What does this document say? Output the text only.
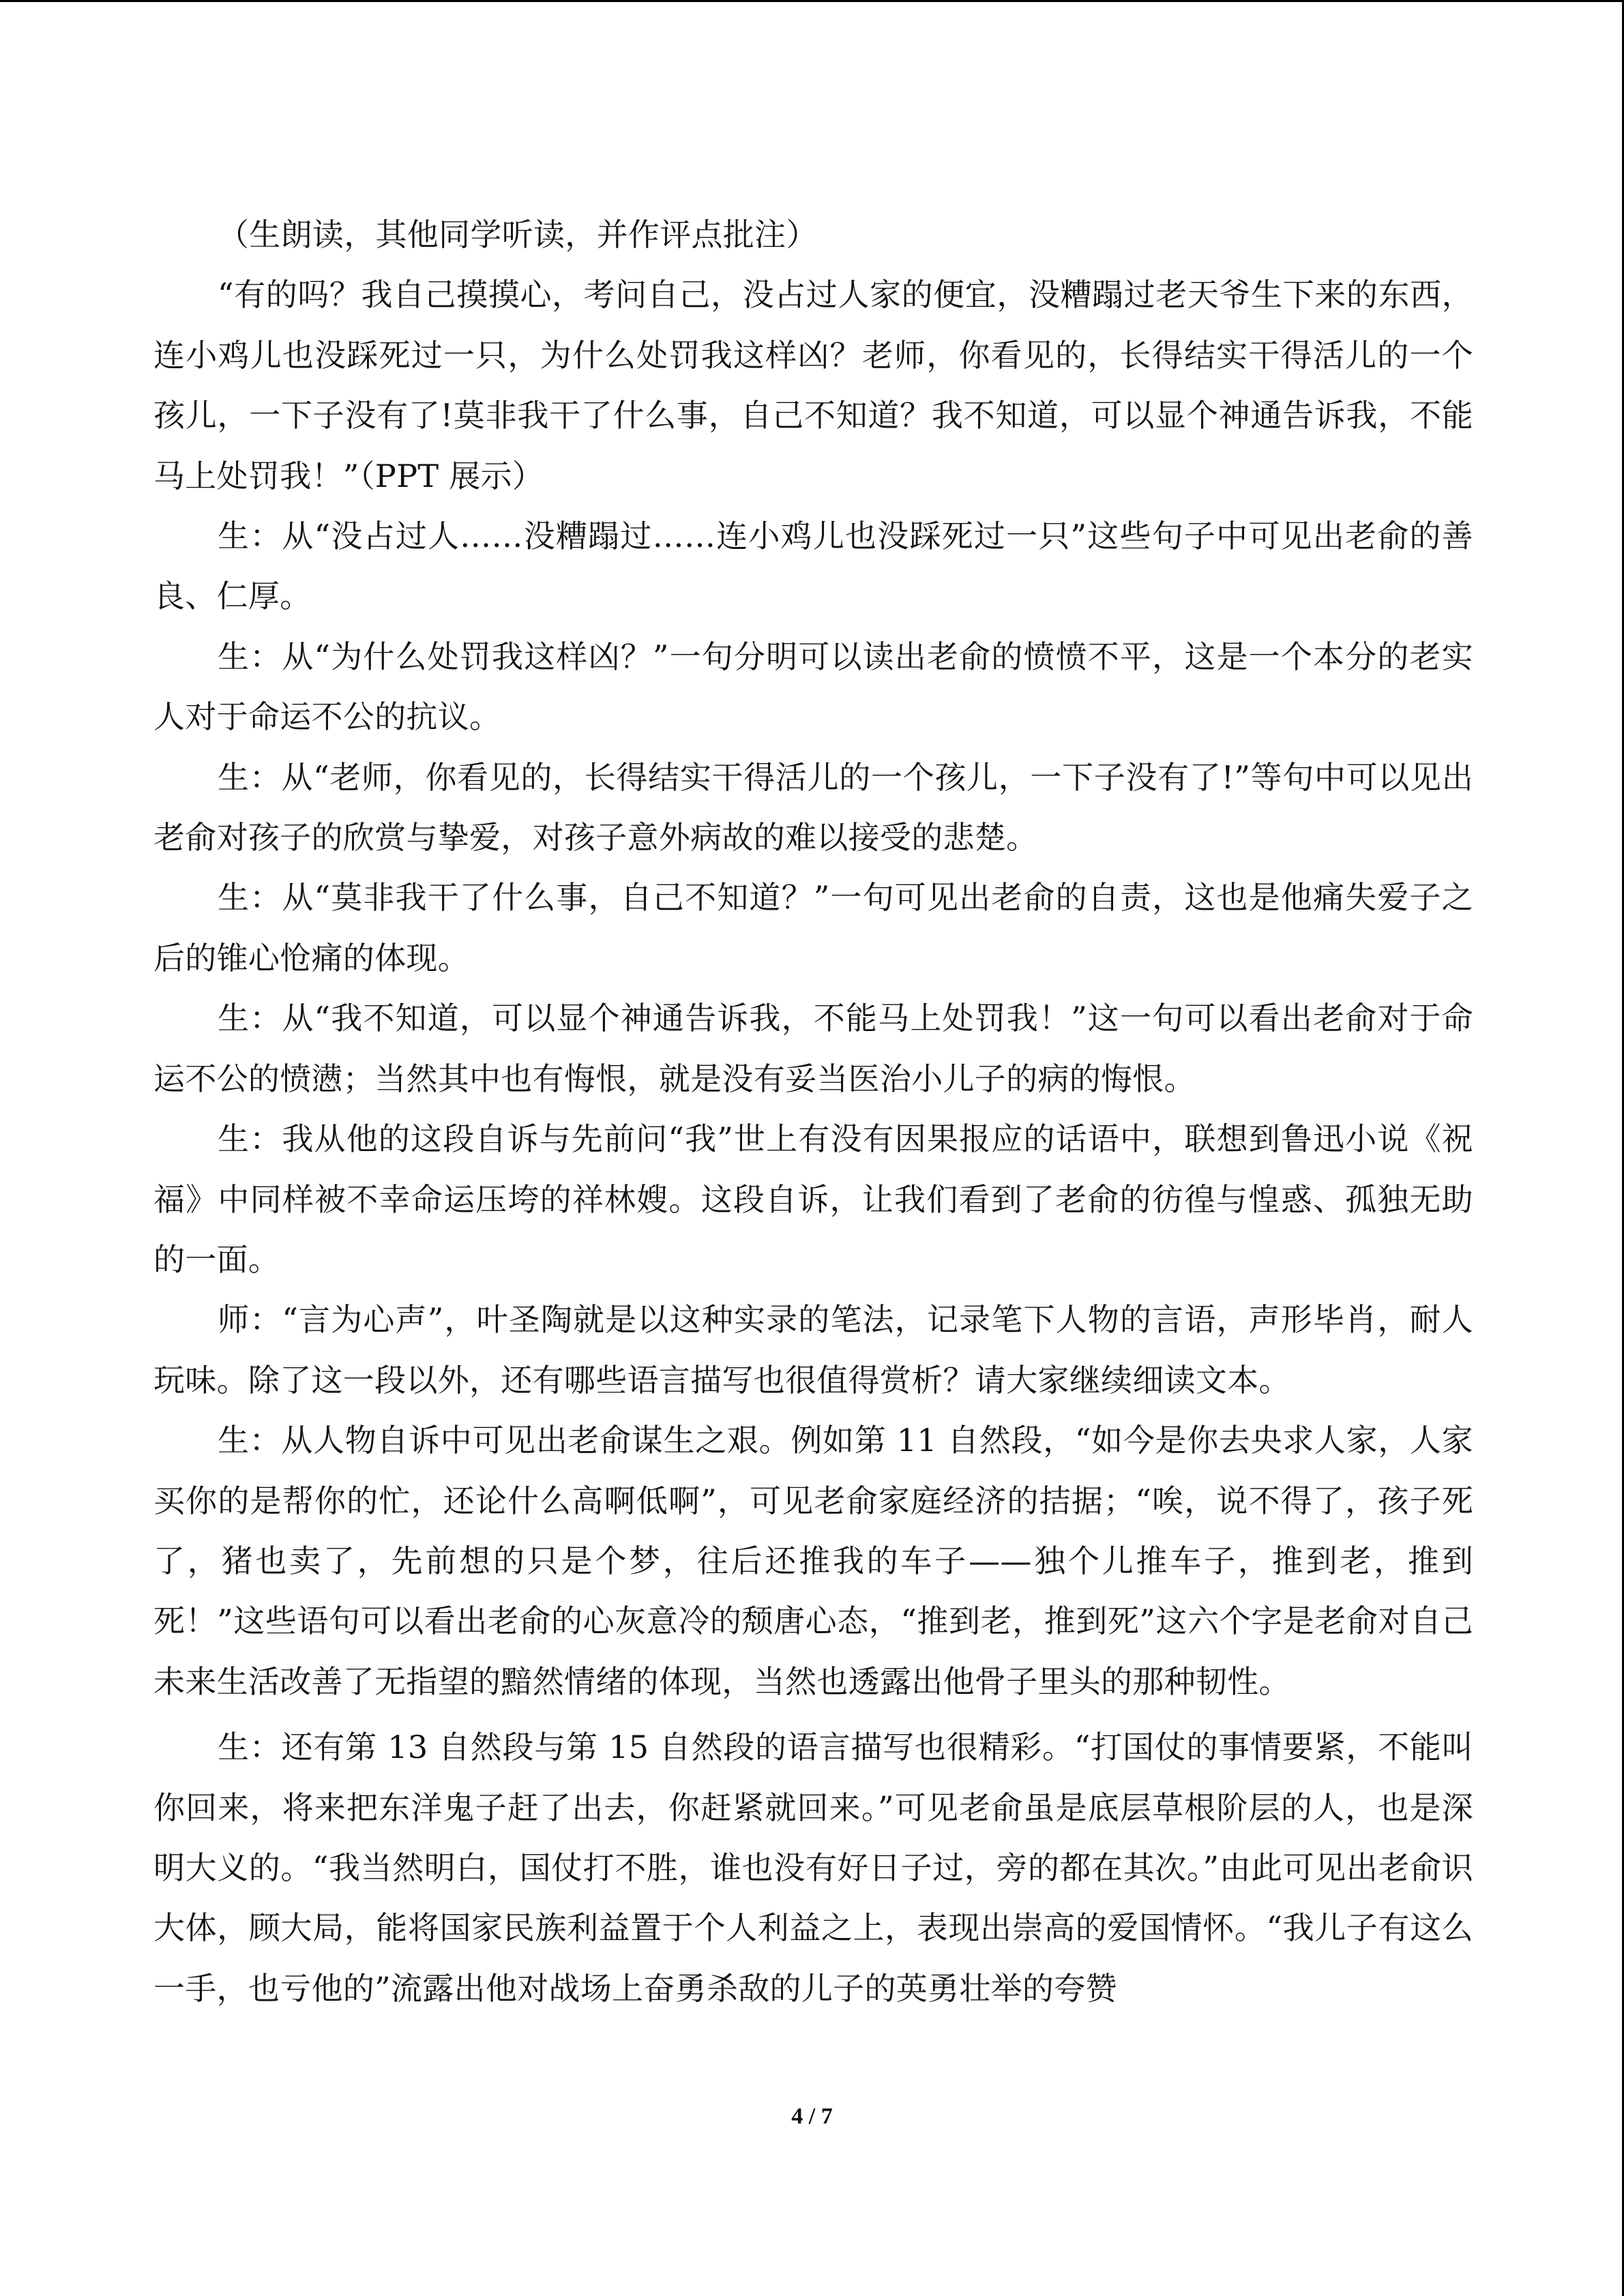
（生朗读，其他同学听读，并作评点批注）

“有的吗？我自己摸摸心，考问自己，没占过人家的便宜，没糟蹋过老天爷生下来的东西，连小鸡儿也没踩死过一只，为什么处罚我这样凶？老师，你看见的，长得结实干得活儿的一个孩儿，一下子没有了!莫非我干了什么事，自己不知道？我不知道，可以显个神通告诉我，不能马上处罚我！”（PPT 展示）

生：从“没占过人……没糟蹋过……连小鸡儿也没踩死过一只”这些句子中可见出老俞的善良、仁厚。

生：从“为什么处罚我这样凶？”一句分明可以读出老俞的愤愤不平，这是一个本分的老实人对于命运不公的抗议。

生：从“老师，你看见的，长得结实干得活儿的一个孩儿，一下子没有了!”等句中可以见出老俞对孩子的欣赏与挚爱，对孩子意外病故的难以接受的悲楚。

生：从“莫非我干了什么事，自己不知道？”一句可见出老俞的自责，这也是他痛失爱子之后的锥心怆痛的体现。

生：从“我不知道，可以显个神通告诉我，不能马上处罚我！”这一句可以看出老俞对于命运不公的愤懑；当然其中也有悔恨，就是没有妥当医治小儿子的病的悔恨。

生：我从他的这段自诉与先前问“我”世上有没有因果报应的话语中，联想到鲁迅小说《祝福》中同样被不幸命运压垮的祥林嫂。这段自诉，让我们看到了老俞的彷徨与惶惑、孤独无助的一面。

师：“言为心声”，叶圣陶就是以这种实录的笔法，记录笔下人物的言语，声形毕肖，耐人玩味。除了这一段以外，还有哪些语言描写也很值得赏析？请大家继续细读文本。

生：从人物自诉中可见出老俞谋生之艰。例如第 11 自然段，“如今是你去央求人家，人家买你的是帮你的忙，还论什么高啊低啊”，可见老俞家庭经济的拮据；“唉，说不得了，孩子死了，猪也卖了，先前想的只是个梦，往后还推我的车子——独个儿推车子，推到老，推到死！”这些语句可以看出老俞的心灰意冷的颓唐心态，“推到老，推到死”这六个字是老俞对自己未来生活改善了无指望的黯然情绪的体现，当然也透露出他骨子里头的那种韧性。

生：还有第 13 自然段与第 15 自然段的语言描写也很精彩。“打国仗的事情要紧，不能叫你回来，将来把东洋鬼子赶了出去，你赶紧就回来。”可见老俞虽是底层草根阶层的人，也是深明大义的。“我当然明白，国仗打不胜，谁也没有好日子过，旁的都在其次。”由此可见出老俞识大体，顾大局，能将国家民族利益置于个人利益之上，表现出崇高的爱国情怀。“我儿子有这么一手，也亏他的”流露出他对战场上奋勇杀敌的儿子的英勇壮举的夸赞

4 / 7
